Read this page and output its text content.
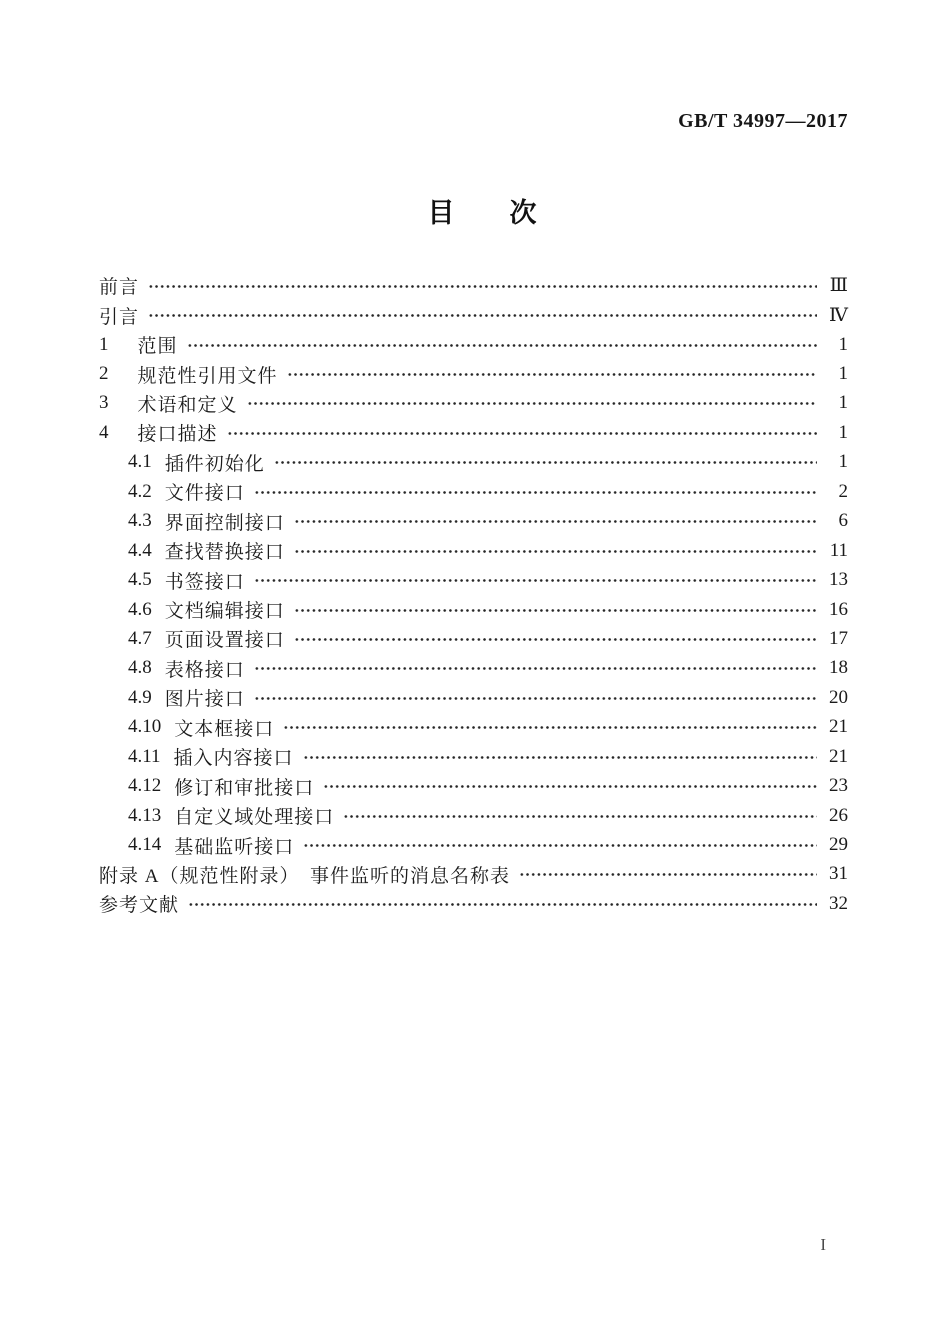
GB/T 34997—2017
目 次
前言	Ⅲ
引言	Ⅳ
1 范围	1
2 规范性引用文件	1
3 术语和定义	1
4 接口描述	1
4.1 插件初始化	1
4.2 文件接口	2
4.3 界面控制接口	6
4.4 查找替换接口	11
4.5 书签接口	13
4.6 文档编辑接口	16
4.7 页面设置接口	17
4.8 表格接口	18
4.9 图片接口	20
4.10 文本框接口	21
4.11 插入内容接口	21
4.12 修订和审批接口	23
4.13 自定义域处理接口	26
4.14 基础监听接口	29
附录 A（规范性附录）　事件监听的消息名称表	31
参考文献	32
I
